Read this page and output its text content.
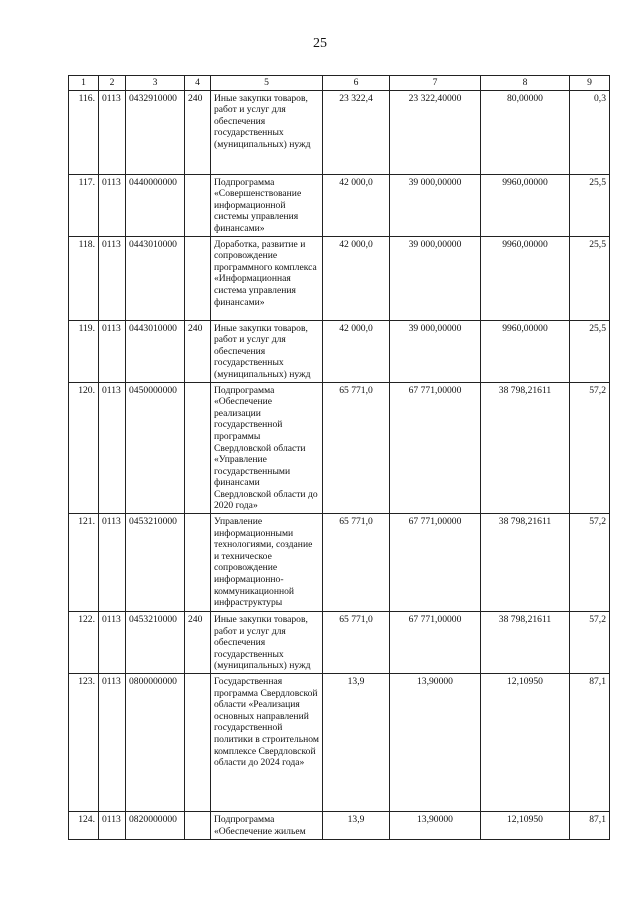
25
1	2	3	4	5	6	7	8	9
116.	0113	0432910000	240	Иные закупки товаров, работ и услуг для обеспечения государственных (муниципальных) нужд	23 322,4	23 322,40000	80,00000	0,3
117.	0113	0440000000		Подпрограмма «Совершенствование информационной системы управления финансами»	42 000,0	39 000,00000	9960,00000	25,5
118.	0113	0443010000		Доработка, развитие и сопровождение программного комплекса «Информационная система управления финансами»	42 000,0	39 000,00000	9960,00000	25,5
119.	0113	0443010000	240	Иные закупки товаров, работ и услуг для обеспечения государственных (муниципальных) нужд	42 000,0	39 000,00000	9960,00000	25,5
120.	0113	0450000000		Подпрограмма «Обеспечение реализации государственной программы Свердловской области «Управление государственными финансами Свердловской области до 2020 года»	65 771,0	67 771,00000	38 798,21611	57,2
121.	0113	0453210000		Управление информационными технологиями, создание и техническое сопровождение информационно-коммуникационной инфраструктуры	65 771,0	67 771,00000	38 798,21611	57,2
122.	0113	0453210000	240	Иные закупки товаров, работ и услуг для обеспечения государственных (муниципальных) нужд	65 771,0	67 771,00000	38 798,21611	57,2
123.	0113	0800000000		Государственная программа Свердловской области «Реализация основных направлений государственной политики в строительном комплексе Свердловской области до 2024 года»	13,9	13,90000	12,10950	87,1
124.	0113	0820000000		Подпрограмма «Обеспечение жильем	13,9	13,90000	12,10950	87,1
